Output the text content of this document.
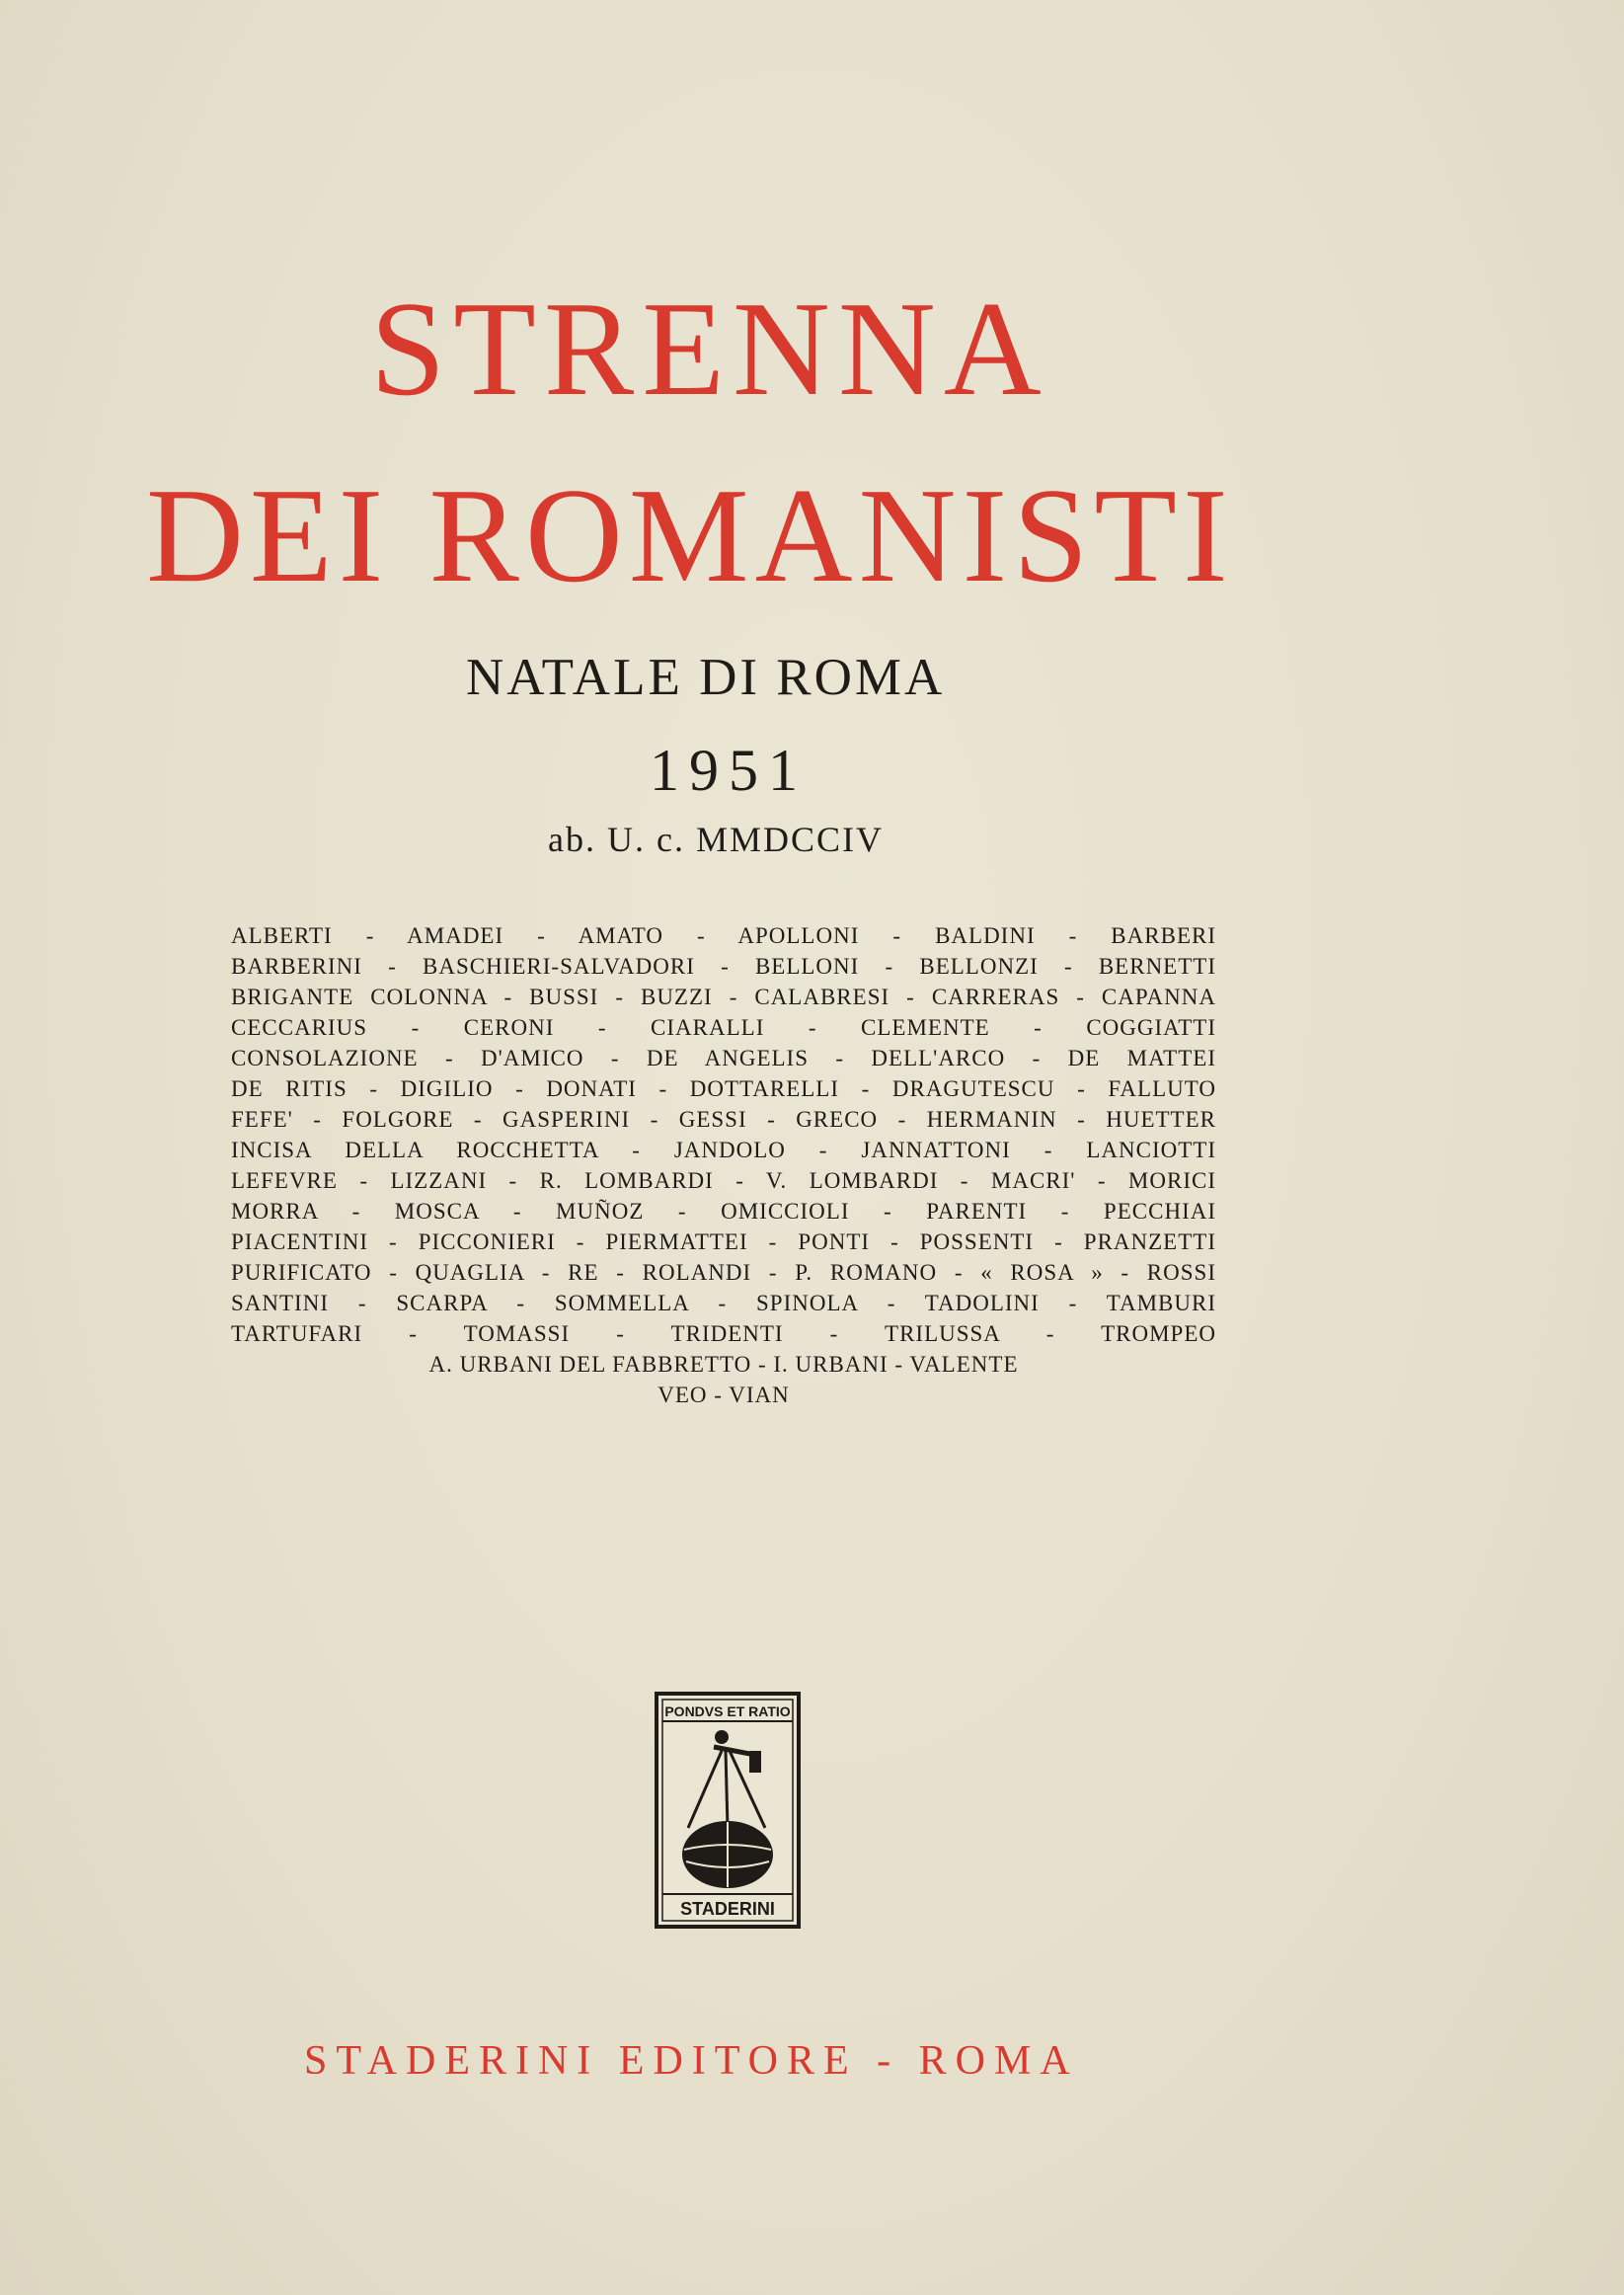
STRENNA
DEI ROMANISTI
NATALE DI ROMA
1951
ab. U. c. MMDCCIV
ALBERTI - AMADEI - AMATO - APOLLONI - BALDINI - BARBERI
BARBERINI - BASCHIERI-SALVADORI - BELLONI - BELLONZI - BERNETTI
BRIGANTE COLONNA - BUSSI - BUZZI - CALABRESI - CARRERAS - CAPANNA
CECCARIUS - CERONI - CIARALLI - CLEMENTE - COGGIATTI
CONSOLAZIONE - D'AMICO - DE ANGELIS - DELL'ARCO - DE MATTEI
DE RITIS - DIGILIO - DONATI - DOTTARELLI - DRAGUTESCU - FALLUTO
FEFE' - FOLGORE - GASPERINI - GESSI - GRECO - HERMANIN - HUETTER
INCISA DELLA ROCCHETTA - JANDOLO - JANNATTONI - LANCIOTTI
LEFEVRE - LIZZANI - R. LOMBARDI - V. LOMBARDI - MACRI' - MORICI
MORRA - MOSCA - MUÑOZ - OMICCIOLI - PARENTI - PECCHIAI
PIACENTINI - PICCONIERI - PIERMATTEI - PONTI - POSSENTI - PRANZETTI
PURIFICATO - QUAGLIA - RE - ROLANDI - P. ROMANO - « ROSA » - ROSSI
SANTINI - SCARPA - SOMMELLA - SPINOLA - TADOLINI - TAMBURI
TARTUFARI - TOMASSI - TRIDENTI - TRILUSSA - TROMPEO
A. URBANI DEL FABBRETTO - I. URBANI - VALENTE
VEO - VIAN
PONDVS ET RATIO
STADERINI
STADERINI EDITORE - ROMA
